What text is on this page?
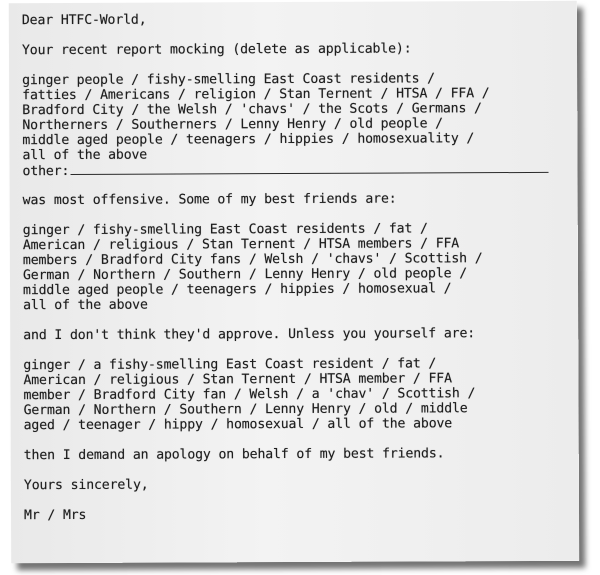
Dear HTFC-World,
Your recent report mocking (delete as applicable):
ginger people / fishy-smelling East Coast residents /
fatties / Americans / religion / Stan Ternent / HTSA / FFA /
Bradford City / the Welsh / 'chavs' / the Scots / Germans /
Northerners / Southerners / Lenny Henry / old people /
middle aged people / teenagers / hippies / homosexuality /
all of the above
other:
was most offensive. Some of my best friends are:
ginger / fishy-smelling East Coast residents / fat /
American / religious / Stan Ternent / HTSA members / FFA
members / Bradford City fans / Welsh / 'chavs' / Scottish /
German / Northern / Southern / Lenny Henry / old people /
middle aged people / teenagers / hippies / homosexual /
all of the above
and I don't think they'd approve. Unless you yourself are:
ginger / a fishy-smelling East Coast resident / fat /
American / religious / Stan Ternent / HTSA member / FFA
member / Bradford City fan / Welsh / a 'chav' / Scottish /
German / Northern / Southern / Lenny Henry / old / middle
aged / teenager / hippy / homosexual / all of the above
then I demand an apology on behalf of my best friends.
Yours sincerely,
Mr / Mrs
